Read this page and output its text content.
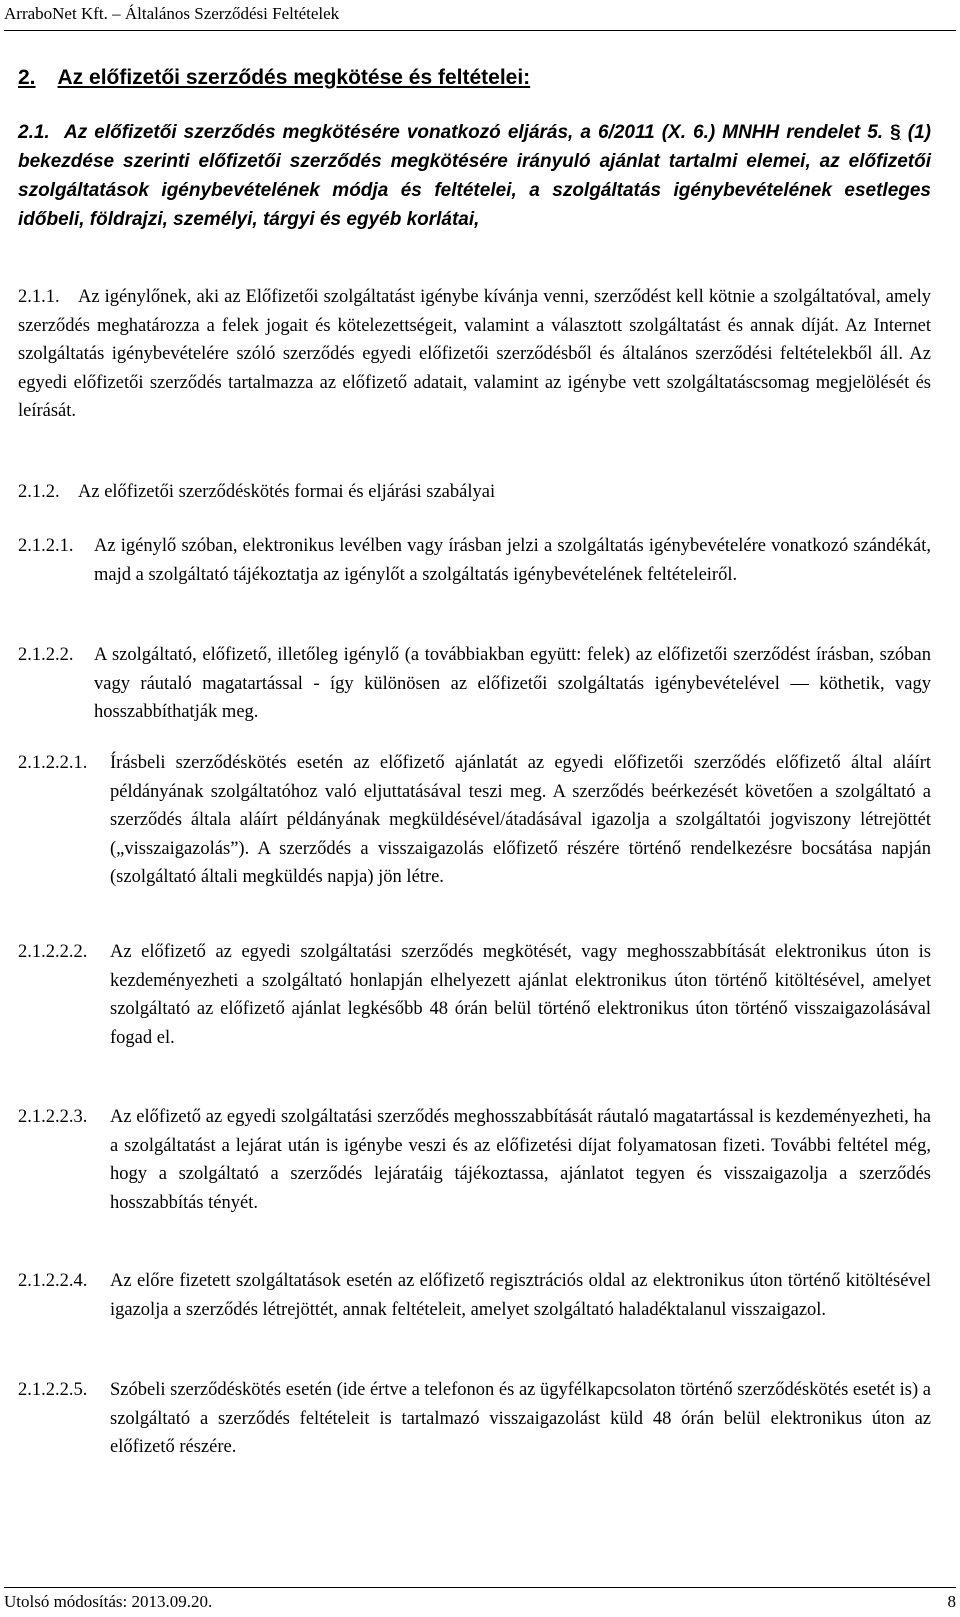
ArraboNet Kft. – Általános Szerződési Feltételek
2. Az előfizetői szerződés megkötése és feltételei:
2.1. Az előfizetői szerződés megkötésére vonatkozó eljárás, a 6/2011 (X. 6.) MNHH rendelet 5. § (1) bekezdése szerinti előfizetői szerződés megkötésére irányuló ajánlat tartalmi elemei, az előfizetői szolgáltatások igénybevételének módja és feltételei, a szolgáltatás igénybevételének esetleges időbeli, földrajzi, személyi, tárgyi és egyéb korlátai,
2.1.1. Az igénylőnek, aki az Előfizetői szolgáltatást igénybe kívánja venni, szerződést kell kötnie a szolgáltatóval, amely szerződés meghatározza a felek jogait és kötelezettségeit, valamint a választott szolgáltatást és annak díját. Az Internet szolgáltatás igénybevételére szóló szerződés egyedi előfizetői szerződésből és általános szerződési feltételekből áll. Az egyedi előfizetői szerződés tartalmazza az előfizető adatait, valamint az igénybe vett szolgáltatáscsomag megjelölését és leírását.
2.1.2. Az előfizetői szerződéskötés formai és eljárási szabályai
2.1.2.1.	Az igénylő szóban, elektronikus levélben vagy írásban jelzi a szolgáltatás igénybevételére vonatkozó szándékát, majd a szolgáltató tájékoztatja az igénylőt a szolgáltatás igénybevételének feltételeiről.
2.1.2.2.	A szolgáltató, előfizető, illetőleg igénylő (a továbbiakban együtt: felek) az előfizetői szerződést írásban, szóban vagy ráutaló magatartással - így különösen az előfizetői szolgáltatás igénybevételével — köthetik, vagy hosszabbíthatják meg.
2.1.2.2.1.	Írásbeli szerződéskötés esetén az előfizető ajánlatát az egyedi előfizetői szerződés előfizető által aláírt példányának szolgáltatóhoz való eljuttatásával teszi meg. A szerződés beérkezését követően a szolgáltató a szerződés általa aláírt példányának megküldésével/átadásával igazolja a szolgáltatói jogviszony létrejöttét („visszaigazolás”). A szerződés a visszaigazolás előfizető részére történő rendelkezésre bocsátása napján (szolgáltató általi megküldés napja) jön létre.
2.1.2.2.2.	Az előfizető az egyedi szolgáltatási szerződés megkötését, vagy meghosszabbítását elektronikus úton is kezdeményezheti a szolgáltató honlapján elhelyezett ajánlat elektronikus úton történő kitöltésével, amelyet szolgáltató az előfizető ajánlat legkésőbb 48 órán belül történő elektronikus úton történő visszaigazolásával fogad el.
2.1.2.2.3.	Az előfizető az egyedi szolgáltatási szerződés meghosszabbítását ráutaló magatartással is kezdeményezheti, ha a szolgáltatást a lejárat után is igénybe veszi és az előfizetési díjat folyamatosan fizeti. További feltétel még, hogy a szolgáltató a szerződés lejáratáig tájékoztassa, ajánlatot tegyen és visszaigazolja a szerződés hosszabbítás tényét.
2.1.2.2.4.	Az előre fizetett szolgáltatások esetén az előfizető regisztrációs oldal az elektronikus úton történő kitöltésével igazolja a szerződés létrejöttét, annak feltételeit, amelyet szolgáltató haladéktalanul visszaigazol.
2.1.2.2.5.	Szóbeli szerződéskötés esetén (ide értve a telefonon és az ügyfélkapcsolaton történő szerződéskötés esetét is) a szolgáltató a szerződés feltételeit is tartalmazó visszaigazolást küld 48 órán belül elektronikus úton az előfizető részére.
Utolsó módosítás: 2013.09.20.	8
